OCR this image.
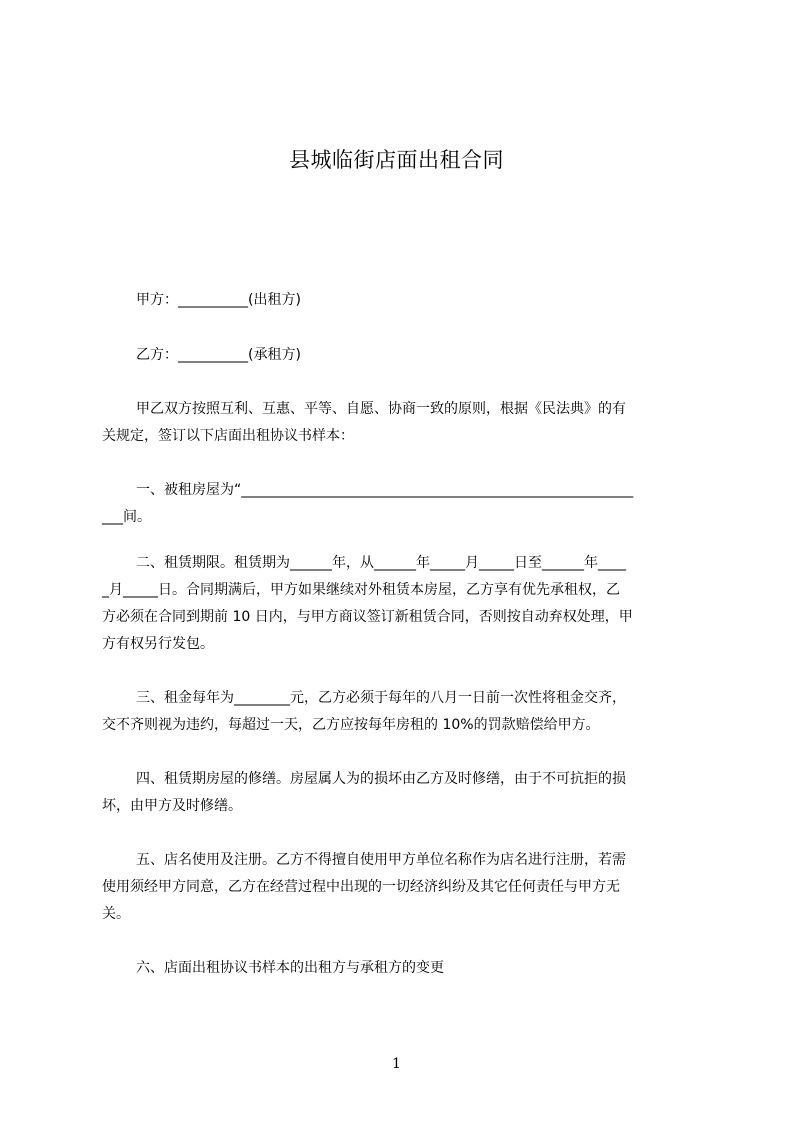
县城临街店面出租合同
甲方：__________(出租方)
乙方：__________(承租方)
甲乙双方按照互利、互惠、平等、自愿、协商一致的原则，根据《民法典》的有
关规定，签订以下店面出租协议书样本：
一、被租房屋为“________________________________________________________
___间。
二、租赁期限。租赁期为______年，从______年_____月_____日至______年____
_月_____日。合同期满后，甲方如果继续对外租赁本房屋，乙方享有优先承租权，乙
方必须在合同到期前 10 日内，与甲方商议签订新租赁合同，否则按自动弃权处理，甲
方有权另行发包。
三、租金每年为________元，乙方必须于每年的八月一日前一次性将租金交齐，
交不齐则视为违约，每超过一天，乙方应按每年房租的 10%的罚款赔偿给甲方。
四、租赁期房屋的修缮。房屋属人为的损坏由乙方及时修缮，由于不可抗拒的损
坏，由甲方及时修缮。
五、店名使用及注册。乙方不得擅自使用甲方单位名称作为店名进行注册，若需
使用须经甲方同意，乙方在经营过程中出现的一切经济纠纷及其它任何责任与甲方无
关。
六、店面出租协议书样本的出租方与承租方的变更
1
